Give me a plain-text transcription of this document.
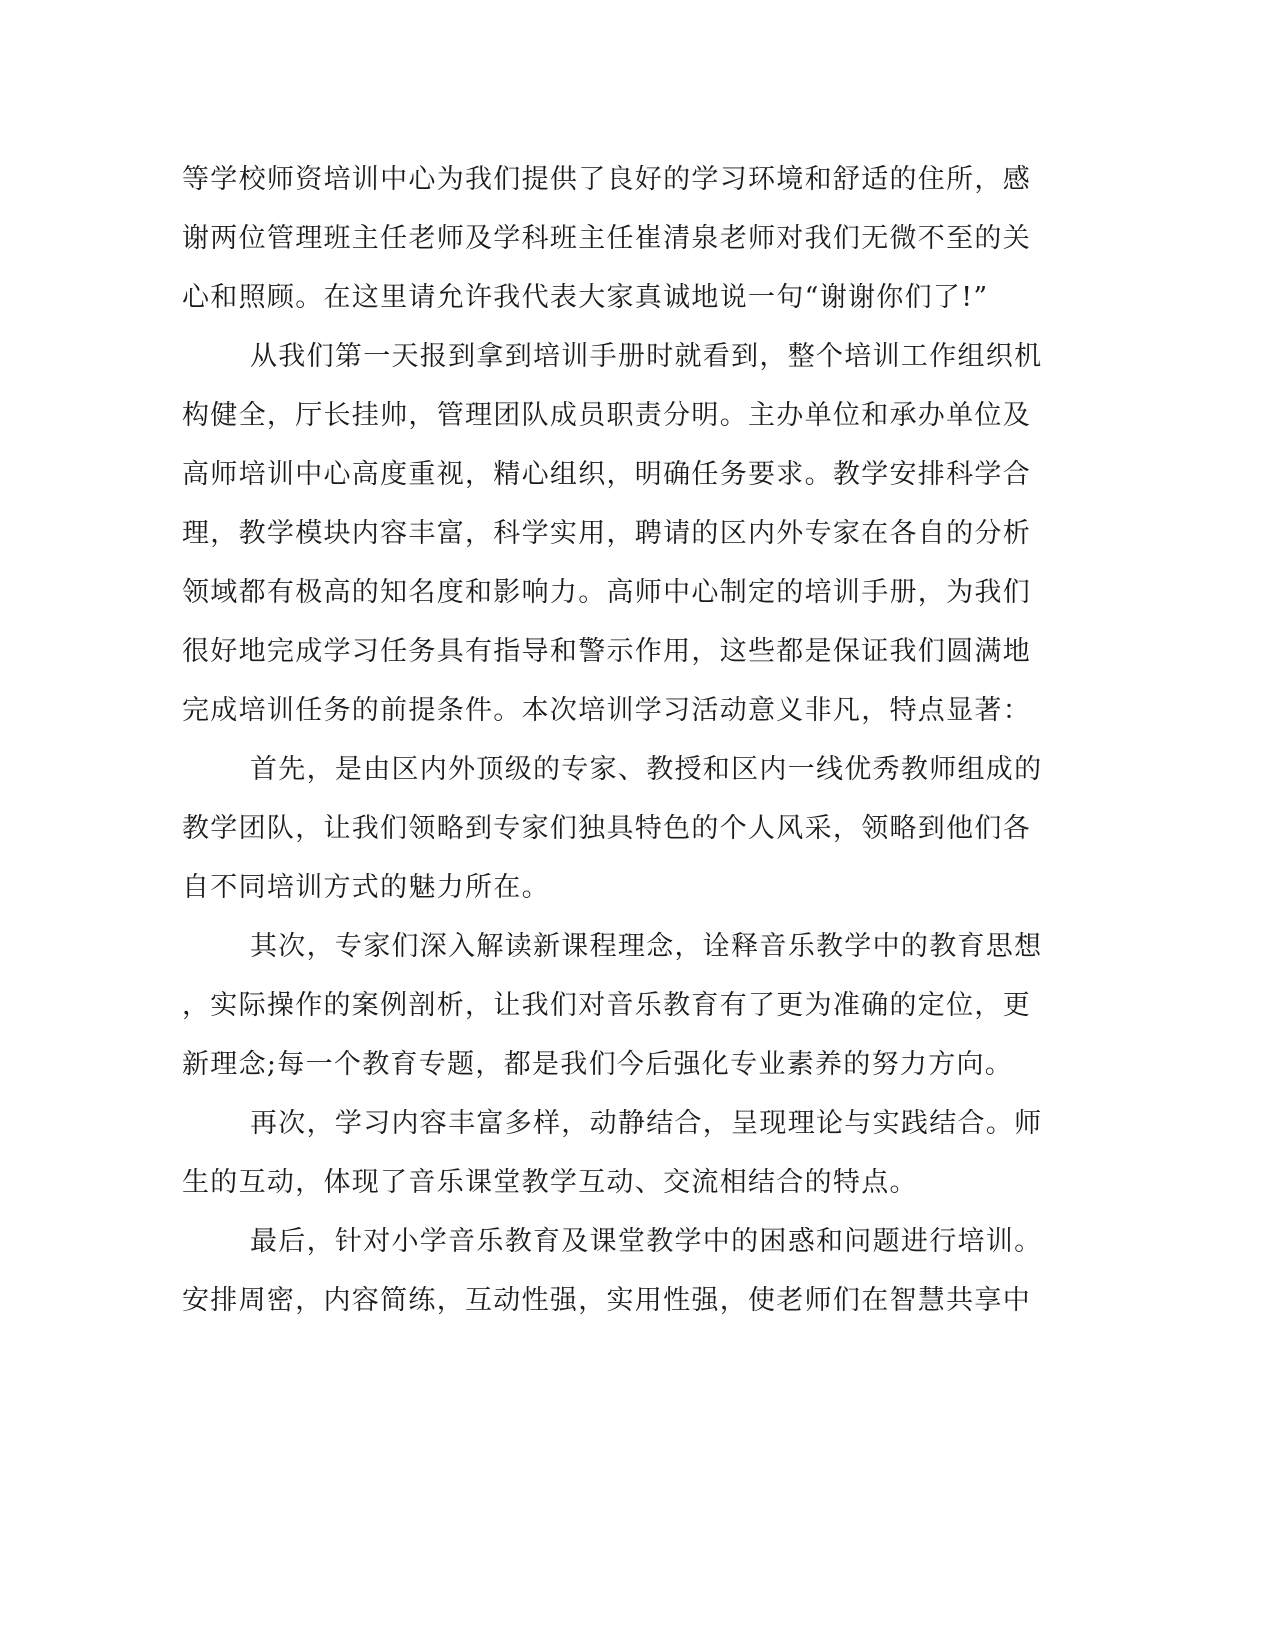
等学校师资培训中心为我们提供了良好的学习环境和舒适的住所，感
谢两位管理班主任老师及学科班主任崔清泉老师对我们无微不至的关
心和照顾。在这里请允许我代表大家真诚地说一句“谢谢你们了!”
从我们第一天报到拿到培训手册时就看到，整个培训工作组织机
构健全，厅长挂帅，管理团队成员职责分明。主办单位和承办单位及
高师培训中心高度重视，精心组织，明确任务要求。教学安排科学合
理，教学模块内容丰富，科学实用，聘请的区内外专家在各自的分析
领域都有极高的知名度和影响力。高师中心制定的培训手册，为我们
很好地完成学习任务具有指导和警示作用，这些都是保证我们圆满地
完成培训任务的前提条件。本次培训学习活动意义非凡，特点显著：
首先，是由区内外顶级的专家、教授和区内一线优秀教师组成的
教学团队，让我们领略到专家们独具特色的个人风采，领略到他们各
自不同培训方式的魅力所在。
其次，专家们深入解读新课程理念，诠释音乐教学中的教育思想
，实际操作的案例剖析，让我们对音乐教育有了更为准确的定位，更
新理念;每一个教育专题，都是我们今后强化专业素养的努力方向。
再次，学习内容丰富多样，动静结合，呈现理论与实践结合。师
生的互动，体现了音乐课堂教学互动、交流相结合的特点。
最后，针对小学音乐教育及课堂教学中的困惑和问题进行培训。
安排周密，内容简练，互动性强，实用性强，使老师们在智慧共享中
